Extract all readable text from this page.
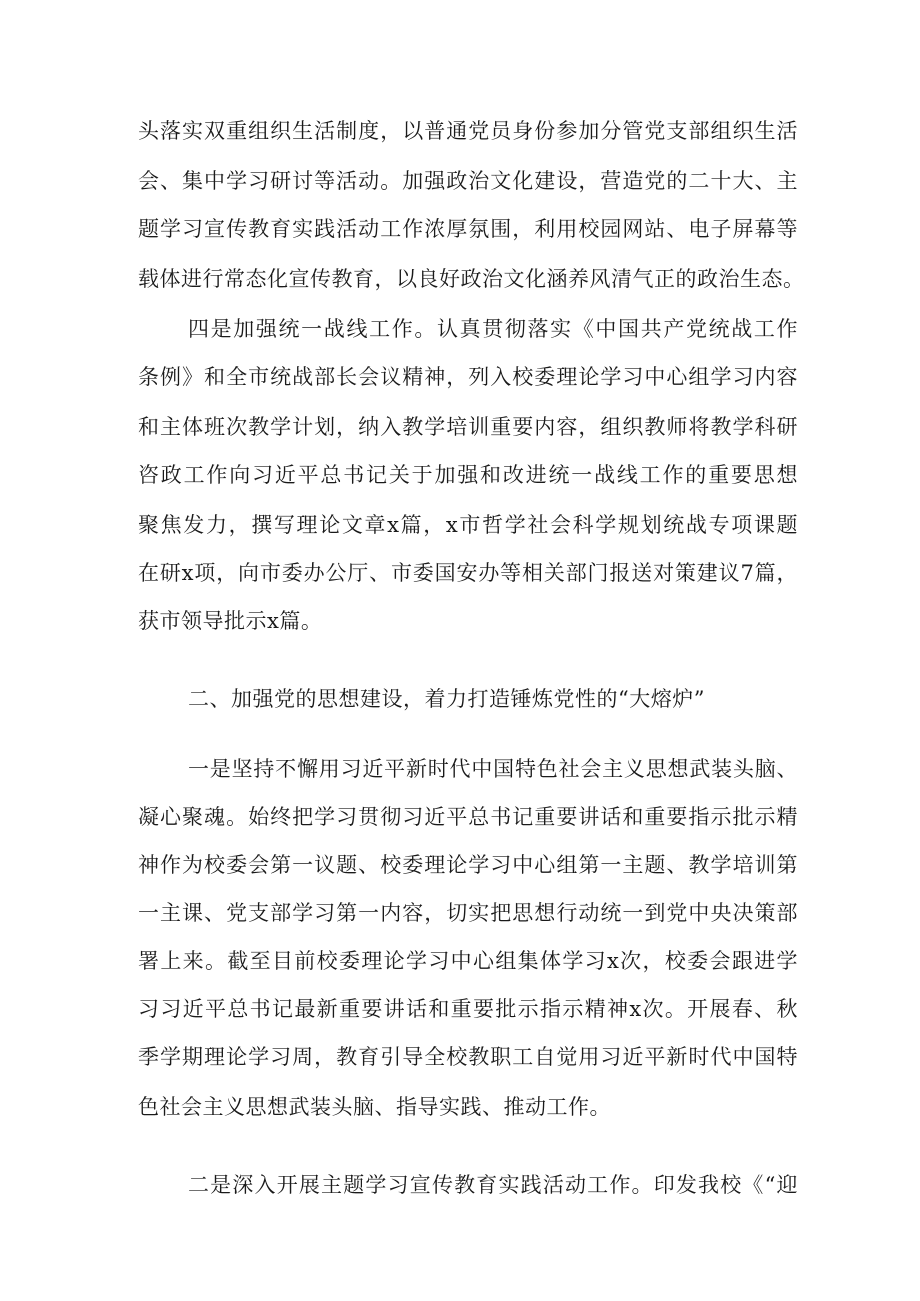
头落实双重组织生活制度，以普通党员身份参加分管党支部组织生活
会、集中学习研讨等活动。加强政治文化建设，营造党的二十大、主
题学习宣传教育实践活动工作浓厚氛围，利用校园网站、电子屏幕等
载体进行常态化宣传教育，以良好政治文化涵养风清气正的政治生态。
四是加强统一战线工作。认真贯彻落实《中国共产党统战工作
条例》和全市统战部长会议精神，列入校委理论学习中心组学习内容
和主体班次教学计划，纳入教学培训重要内容，组织教师将教学科研
咨政工作向习近平总书记关于加强和改进统一战线工作的重要思想
聚焦发力，撰写理论文章x篇，x市哲学社会科学规划统战专项课题
在研x项，向市委办公厅、市委国安办等相关部门报送对策建议7篇，
获市领导批示x篇。
二、加强党的思想建设，着力打造锤炼党性的“大熔炉”
一是坚持不懈用习近平新时代中国特色社会主义思想武装头脑、
凝心聚魂。始终把学习贯彻习近平总书记重要讲话和重要指示批示精
神作为校委会第一议题、校委理论学习中心组第一主题、教学培训第
一主课、党支部学习第一内容，切实把思想行动统一到党中央决策部
署上来。截至目前校委理论学习中心组集体学习x次，校委会跟进学
习习近平总书记最新重要讲话和重要批示指示精神x次。开展春、秋
季学期理论学习周，教育引导全校教职工自觉用习近平新时代中国特
色社会主义思想武装头脑、指导实践、推动工作。
二是深入开展主题学习宣传教育实践活动工作。印发我校《“迎
